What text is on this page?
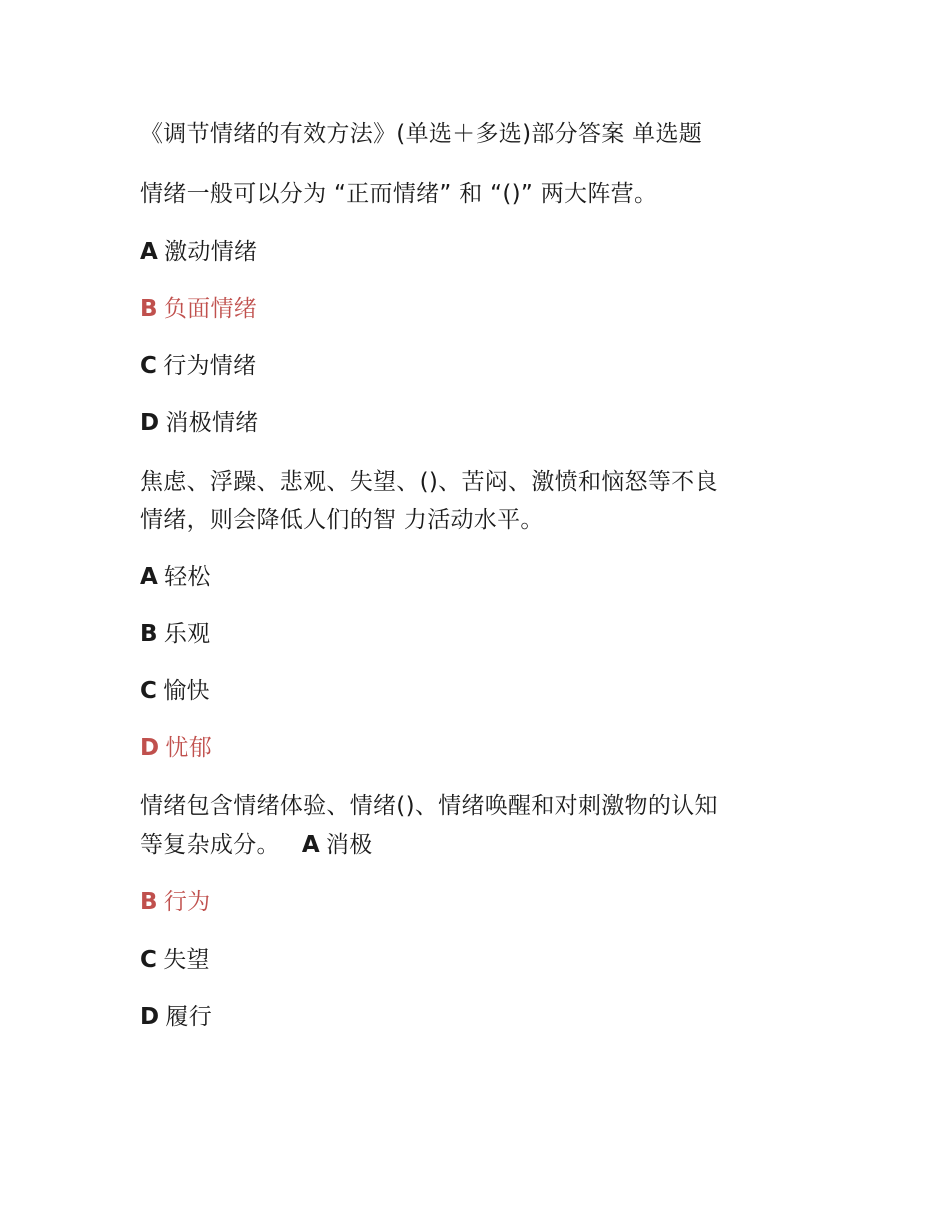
《调节情绪的有效方法》(单选＋多选)部分答案 单选题
情绪一般可以分为 “正而情绪” 和 “()” 两大阵营。
A 激动情绪
B 负面情绪
C 行为情绪
D 消极情绪
焦虑、浮躁、悲观、失望、()、苦闷、激愤和恼怒等不良
情绪，则会降低人们的智 力活动水平。
A 轻松
B 乐观
C 愉快
D 忧郁
情绪包含情绪体验、情绪()、情绪唤醒和对刺激物的认知
等复杂成分。 A 消极
B 行为
C 失望
D 履行
